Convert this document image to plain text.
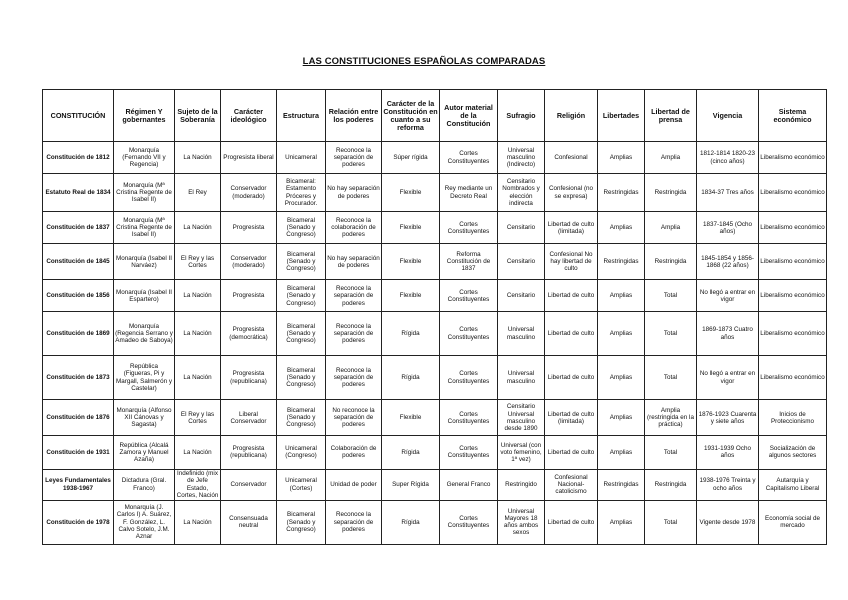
LAS CONSTITUCIONES ESPAÑOLAS COMPARADAS
CONSTITUCIÓN	Régimen Y gobernantes	Sujeto de la Soberanía	Carácter ideológico	Estructura	Relación entre los poderes	Carácter de la Constitución en cuanto a su reforma	Autor material de la Constitución	Sufragio	Religión	Libertades	Libertad de prensa	Vigencia	Sistema económico
Constitución de 1812	Monarquía (Fernando VII y Regencia)	La Nación	Progresista liberal	Unicameral	Reconoce la separación de poderes	Súper rígida	Cortes Constituyentes	Universal masculino (Indirecto)	Confesional	Amplias	Amplia	1812-1814 1820-23 (cinco años)	Liberalismo económico
Estatuto Real de 1834	Monarquía (Mª Cristina Regente de Isabel II)	El Rey	Conservador (moderado)	Bicameral: Estamento Próceres y Procurador.	No hay separación de poderes	Flexible	Rey mediante un Decreto Real	Censitario Nombrados y elección indirecta	Confesional (no se expresa)	Restringidas	Restringida	1834-37 Tres años	Liberalismo económico
Constitución de 1837	Monarquía (Mª Cristina Regente de Isabel II)	La Nación	Progresista	Bicameral (Senado y Congreso)	Reconoce la colaboración de poderes	Flexible	Cortes Constituyentes	Censitario	Libertad de culto (limitada)	Amplias	Amplia	1837-1845 (Ocho años)	Liberalismo económico
Constitución de 1845	Monarquía (Isabel II Narváez)	El Rey y las Cortes	Conservador (moderado)	Bicameral (Senado y Congreso)	No hay separación de poderes	Flexible	Reforma Constitución de 1837	Censitario	Confesional No hay libertad de culto	Restringidas	Restringida	1845-1854 y 1856-1868 (22 años)	Liberalismo económico
Constitución de 1856	Monarquía (Isabel II Espartero)	La Nación	Progresista	Bicameral (Senado y Congreso)	Reconoce la separación de poderes	Flexible	Cortes Constituyentes	Censitario	Libertad de culto	Amplias	Total	No llegó a entrar en vigor	Liberalismo económico
Constitución de 1869	Monarquía (Regencia Serrano y Amadeo de Saboya)	La Nación	Progresista (democrática)	Bicameral (Senado y Congreso)	Reconoce la separación de poderes	Rígida	Cortes Constituyentes	Universal masculino	Libertad de culto	Amplias	Total	1869-1873 Cuatro años	Liberalismo económico
Constitución de 1873	República (Figueras, Pi y Margall, Salmerón y Castelar)	La Nación	Progresista (republicana)	Bicameral (Senado y Congreso)	Reconoce la separación de poderes	Rígida	Cortes Constituyentes	Universal masculino	Libertad de culto	Amplias	Total	No llegó a entrar en vigor	Liberalismo económico
Constitución de 1876	Monarquía (Alfonso XII Cánovas y Sagasta)	El Rey y las Cortes	Liberal Conservador	Bicameral (Senado y Congreso)	No reconoce la separación de poderes	Flexible	Cortes Constituyentes	Censitario Universal masculino desde 1890	Libertad de culto (limitada)	Amplias	Amplia (restringida en la práctica)	1876-1923 Cuarenta y siete años	Inicios de Proteccionismo
Constitución de 1931	República (Alcalá Zamora y Manuel Azaña)	La Nación	Progresista (republicana)	Unicameral (Congreso)	Colaboración de poderes	Rígida	Cortes Constituyentes	Universal (con voto femenino, 1ª vez)	Libertad de culto	Amplias	Total	1931-1939 Ocho años	Socialización de algunos sectores
Leyes Fundamentales 1938-1967	Dictadura (Gral. Franco)	Indefinido (mix de Jefe Estado, Cortes, Nación	Conservador	Unicameral (Cortes)	Unidad de poder	Super Rígida	General Franco	Restringido	Confesional Nacional-catolicismo	Restringidas	Restringida	1938-1976 Treinta y ocho años	Autarquía y Capitalismo Liberal
Constitución de 1978	Monarquía (J. Carlos I) A. Suárez, F. González, L. Calvo Sotelo, J.M. Aznar	La Nación	Consensuada neutral	Bicameral (Senado y Congreso)	Reconoce la separación de poderes	Rígida	Cortes Constituyentes	Universal Mayores 18 años ambos sexos	Libertad de culto	Amplias	Total	Vigente desde 1978	Economía social de mercado
